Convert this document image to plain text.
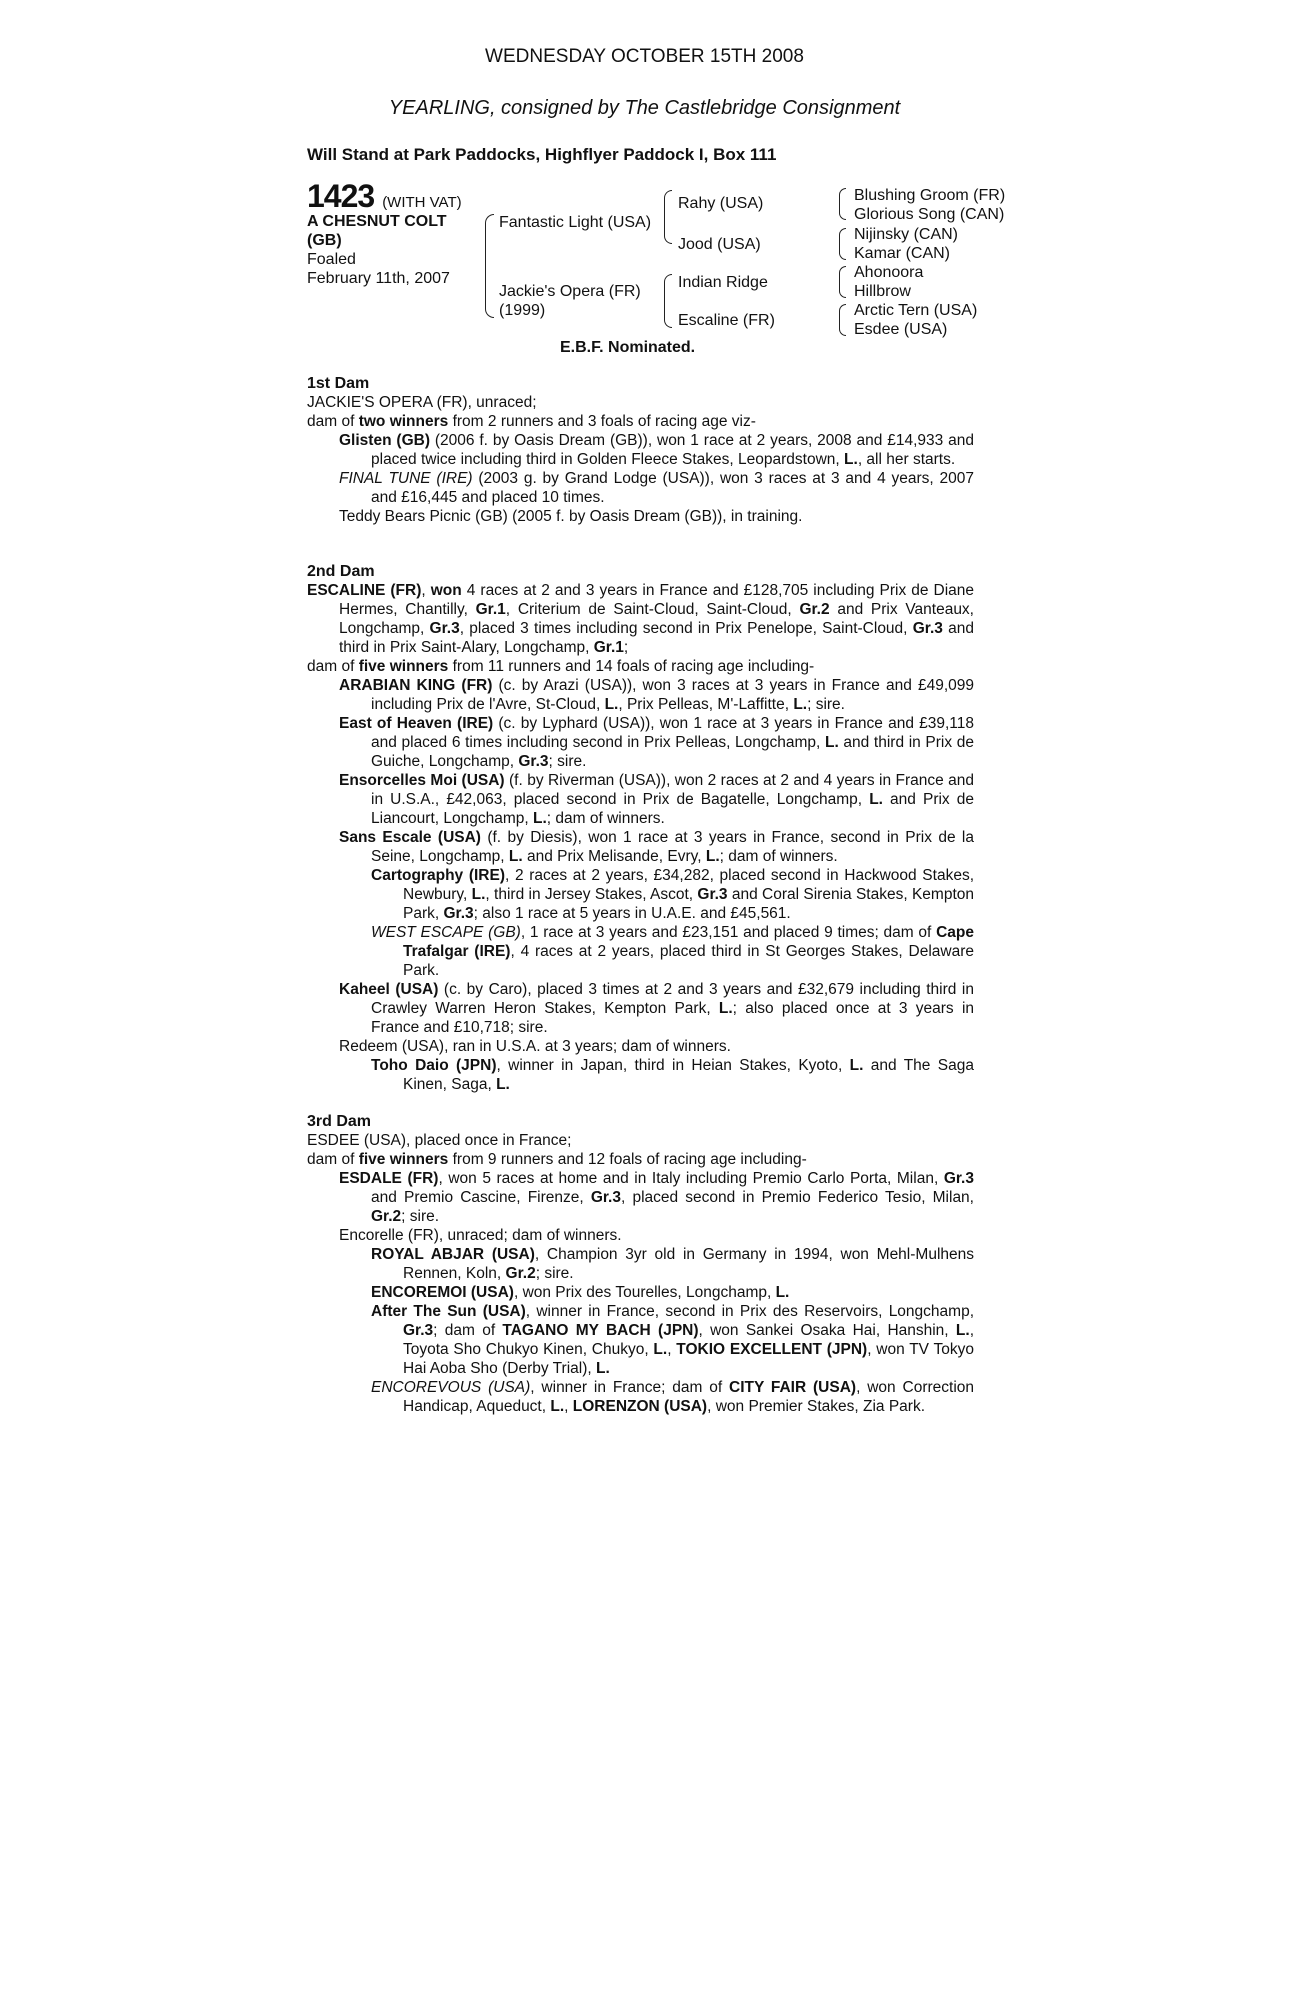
WEDNESDAY OCTOBER 15TH 2008
YEARLING, consigned by The Castlebridge Consignment
Will Stand at Park Paddocks, Highflyer Paddock I, Box 111
1423 (WITH VAT)
A CHESNUT COLT (GB)
Foaled
February 11th, 2007
Fantastic Light (USA)
Jackie's Opera (FR)
(1999)
Rahy (USA)
Jood (USA)
Indian Ridge
Escaline (FR)
Blushing Groom (FR)
Glorious Song (CAN)
Nijinsky (CAN)
Kamar (CAN)
Ahonoora
Hillbrow
Arctic Tern (USA)
Esdee (USA)
E.B.F. Nominated.

1st Dam

JACKIE'S OPERA (FR), unraced;

dam of two winners from 2 runners and 3 foals of racing age viz-

Glisten (GB) (2006 f. by Oasis Dream (GB)), won 1 race at 2 years, 2008 and £14,933 and placed twice including third in Golden Fleece Stakes, Leopardstown, L., all her starts.

FINAL TUNE (IRE) (2003 g. by Grand Lodge (USA)), won 3 races at 3 and 4 years, 2007 and £16,445 and placed 10 times.

Teddy Bears Picnic (GB) (2005 f. by Oasis Dream (GB)), in training.

2nd Dam

ESCALINE (FR), won 4 races at 2 and 3 years in France and £128,705 including Prix de Diane Hermes, Chantilly, Gr.1, Criterium de Saint-Cloud, Saint-Cloud, Gr.2 and Prix Vanteaux, Longchamp, Gr.3, placed 3 times including second in Prix Penelope, Saint-Cloud, Gr.3 and third in Prix Saint-Alary, Longchamp, Gr.1;

dam of five winners from 11 runners and 14 foals of racing age including-

ARABIAN KING (FR) (c. by Arazi (USA)), won 3 races at 3 years in France and £49,099 including Prix de l'Avre, St-Cloud, L., Prix Pelleas, M'-Laffitte, L.; sire.

East of Heaven (IRE) (c. by Lyphard (USA)), won 1 race at 3 years in France and £39,118 and placed 6 times including second in Prix Pelleas, Longchamp, L. and third in Prix de Guiche, Longchamp, Gr.3; sire.

Ensorcelles Moi (USA) (f. by Riverman (USA)), won 2 races at 2 and 4 years in France and in U.S.A., £42,063, placed second in Prix de Bagatelle, Longchamp, L. and Prix de Liancourt, Longchamp, L.; dam of winners.

Sans Escale (USA) (f. by Diesis), won 1 race at 3 years in France, second in Prix de la Seine, Longchamp, L. and Prix Melisande, Evry, L.; dam of winners.

Cartography (IRE), 2 races at 2 years, £34,282, placed second in Hackwood Stakes, Newbury, L., third in Jersey Stakes, Ascot, Gr.3 and Coral Sirenia Stakes, Kempton Park, Gr.3; also 1 race at 5 years in U.A.E. and £45,561.

WEST ESCAPE (GB), 1 race at 3 years and £23,151 and placed 9 times; dam of Cape Trafalgar (IRE), 4 races at 2 years, placed third in St Georges Stakes, Delaware Park.

Kaheel (USA) (c. by Caro), placed 3 times at 2 and 3 years and £32,679 including third in Crawley Warren Heron Stakes, Kempton Park, L.; also placed once at 3 years in France and £10,718; sire.

Redeem (USA), ran in U.S.A. at 3 years; dam of winners.

Toho Daio (JPN), winner in Japan, third in Heian Stakes, Kyoto, L. and The Saga Kinen, Saga, L.

3rd Dam

ESDEE (USA), placed once in France;

dam of five winners from 9 runners and 12 foals of racing age including-

ESDALE (FR), won 5 races at home and in Italy including Premio Carlo Porta, Milan, Gr.3 and Premio Cascine, Firenze, Gr.3, placed second in Premio Federico Tesio, Milan, Gr.2; sire.

Encorelle (FR), unraced; dam of winners.

ROYAL ABJAR (USA), Champion 3yr old in Germany in 1994, won Mehl-Mulhens Rennen, Koln, Gr.2; sire.

ENCOREMOI (USA), won Prix des Tourelles, Longchamp, L.

After The Sun (USA), winner in France, second in Prix des Reservoirs, Longchamp, Gr.3; dam of TAGANO MY BACH (JPN), won Sankei Osaka Hai, Hanshin, L., Toyota Sho Chukyo Kinen, Chukyo, L., TOKIO EXCELLENT (JPN), won TV Tokyo Hai Aoba Sho (Derby Trial), L.

ENCOREVOUS (USA), winner in France; dam of CITY FAIR (USA), won Correction Handicap, Aqueduct, L., LORENZON (USA), won Premier Stakes, Zia Park.
